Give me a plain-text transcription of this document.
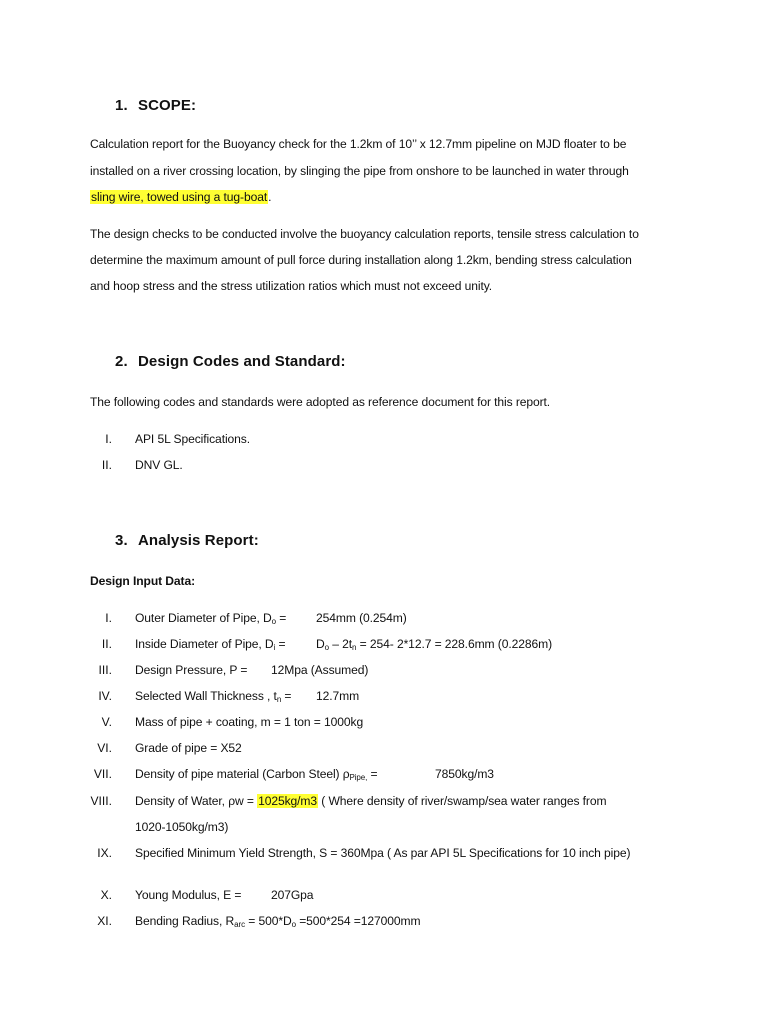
1. SCOPE:
Calculation report for the Buoyancy check for the 1.2km of 10’’ x 12.7mm pipeline on MJD floater to be
installed on a river crossing location, by slinging the pipe from onshore to be launched in water through
sling wire, towed using a tug-boat.
The design checks to be conducted involve the buoyancy calculation reports, tensile stress calculation to
determine the maximum amount of pull force during installation along 1.2km, bending stress calculation
and hoop stress and the stress utilization ratios which must not exceed unity.
2. Design Codes and Standard:
The following codes and standards were adopted as reference document for this report.
I. API 5L Specifications.
II. DNV GL.
3. Analysis Report:
Design Input Data:
I. Outer Diameter of Pipe, $D_o = 254mm$ (0.254m)
II. Inside Diameter of Pipe, $D_i$ =	$D_o - 2t_n = 254-$ 2*12.7 = 228.6mm (0.2286m)
III. Design Pressure, P = 12Mpa (Assumed)
IV. Selected Wall Thickness , $t_n = 12.7mm$
V. Mass of pipe + coating, m = 1 ton = 1000kg
VI. Grade of pipe = X52
VII. Density of pipe material (Carbon Steel) $\rho_{Pipe,}$ =	7850kg/m3
VIII. Density of Water, ρw = 1025kg/m3 ( Where density of river/swamp/sea water ranges from
1020-1050kg/m3)
IX. Specified Minimum Yield Strength, S = 360Mpa ( As par API 5L Specifications for 10 inch pipe)
X. Young Modulus, E = 207Gpa
XI. Bending Radius, $R_{arc} = 500*D_o =500*254 =127000mm$
